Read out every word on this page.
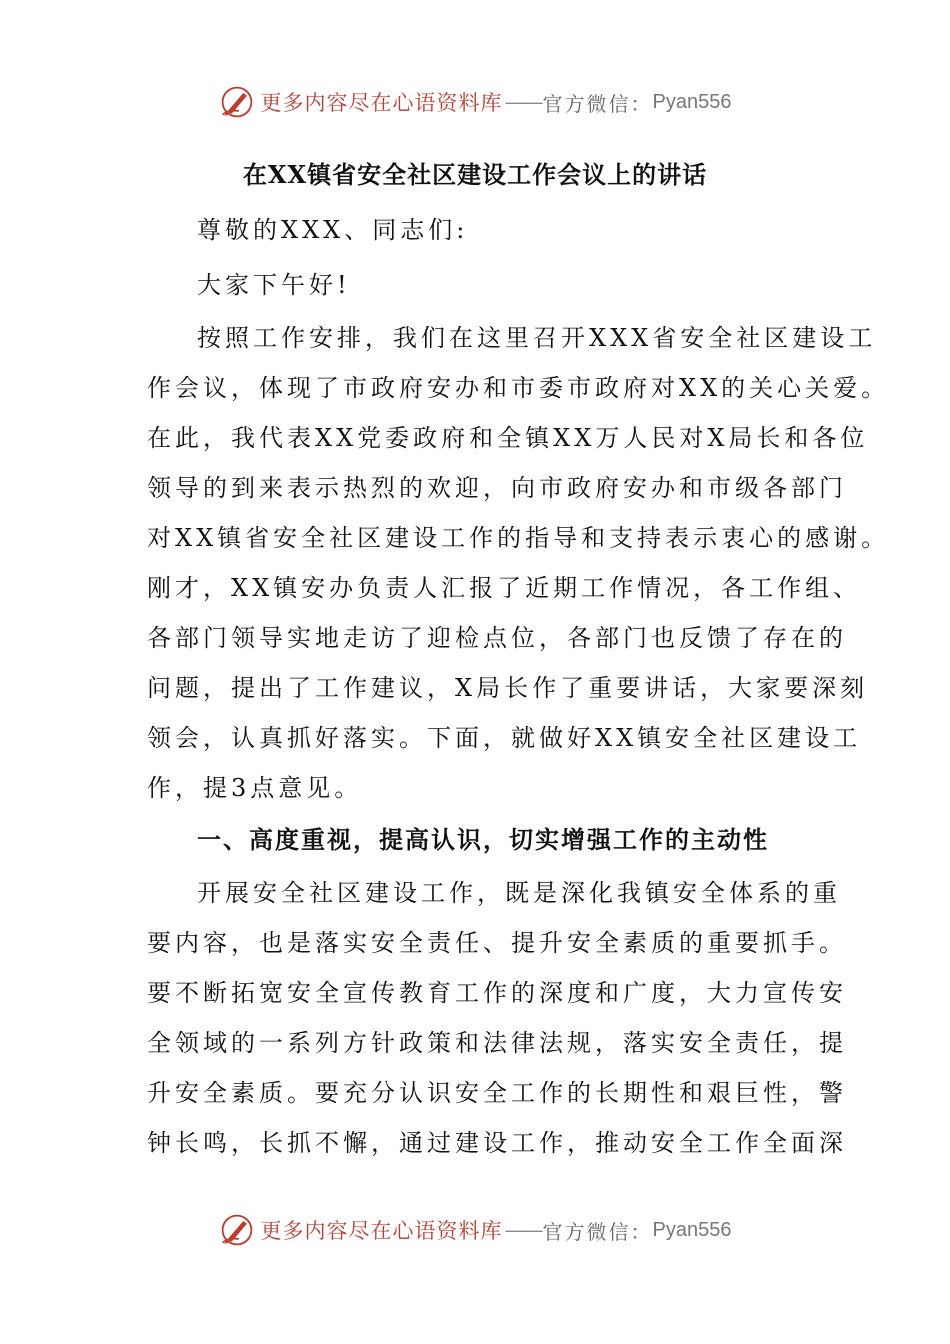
更多内容尽在心语资料库 —— 官方微信： Pyan556
在XX镇省安全社区建设工作会议上的讲话
尊敬的XXX、同志们:
大家下午好!
按照工作安排，我们在这里召开XXX省安全社区建设工
作会议，体现了市政府安办和市委市政府对XX的关心关爱。
在此，我代表XX党委政府和全镇XX万人民对X局长和各位
领导的到来表示热烈的欢迎，向市政府安办和市级各部门
对XX镇省安全社区建设工作的指导和支持表示衷心的感谢。
刚才，XX镇安办负责人汇报了近期工作情况，各工作组、
各部门领导实地走访了迎检点位，各部门也反馈了存在的
问题，提出了工作建议，X局长作了重要讲话，大家要深刻
领会，认真抓好落实。下面，就做好XX镇安全社区建设工
作，提3点意见。
一、高度重视，提高认识，切实增强工作的主动性
开展安全社区建设工作，既是深化我镇安全体系的重
要内容，也是落实安全责任、提升安全素质的重要抓手。
要不断拓宽安全宣传教育工作的深度和广度，大力宣传安
全领域的一系列方针政策和法律法规，落实安全责任，提
升安全素质。要充分认识安全工作的长期性和艰巨性，警
钟长鸣，长抓不懈，通过建设工作，推动安全工作全面深
更多内容尽在心语资料库 —— 官方微信： Pyan556
